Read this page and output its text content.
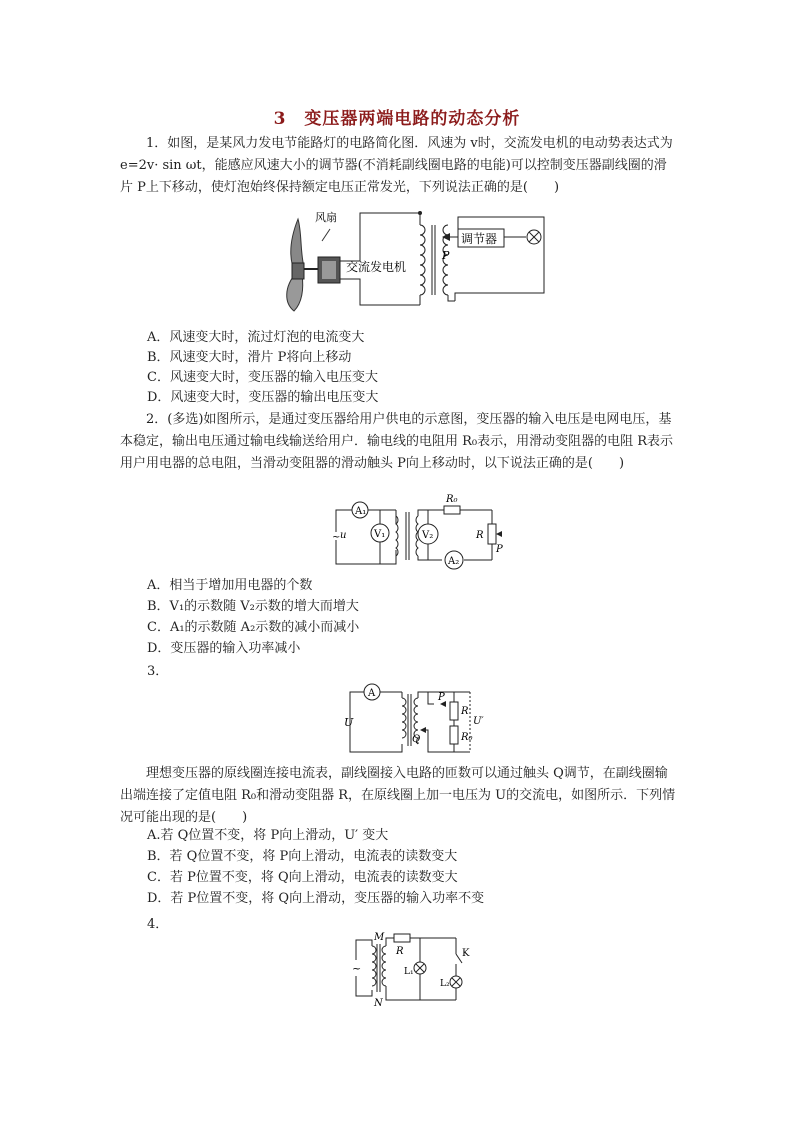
3　变压器两端电路的动态分析

1．如图，是某风力发电节能路灯的电路简化图．风速为 v时，交流发电机的电动势表达式为 e=2v· sin ωt，能感应风速大小的调节器(不消耗副线圈电路的电能)可以控制变压器副线圈的滑片 P上下移动，使灯泡始终保持额定电压正常发光，下列说法正确的是(　　)

风扇
交流发电机
P
调节器
A．风速变大时，流过灯泡的电流变大
B．风速变大时，滑片 P将向上移动
C．风速变大时，变压器的输入电压变大
D．风速变大时，变压器的输出电压变大

2．(多选)如图所示，是通过变压器给用户供电的示意图，变压器的输入电压是电网电压，基本稳定，输出电压通过输电线输送给用户．输电线的电阻用 R₀表示，用滑动变阻器的电阻 R表示用户用电器的总电阻，当滑动变阻器的滑动触头 P向上移动时，以下说法正确的是(　　)

A₁
V₁	V₂
A₂
R₀
R
P
~ u
A．相当于增加用电器的个数
B．V₁的示数随 V₂示数的增大而增大
C．A₁的示数随 A₂示数的减小而减小
D．变压器的输入功率减小
3．
A
U
Q
P
R
R₀
U′

理想变压器的原线圈连接电流表，副线圈接入电路的匝数可以通过触头 Q调节，在副线圈输出端连接了定值电阻 R₀和滑动变阻器 R，在原线圈上加一电压为 U的交流电，如图所示．下列情况可能出现的是(　　)

A.若 Q位置不变，将 P向上滑动，U′ 变大
B．若 Q位置不变，将 P向上滑动，电流表的读数变大
C．若 P位置不变，将 Q向上滑动，电流表的读数变大
D．若 P位置不变，将 Q向上滑动，变压器的输入功率不变
4．
R
M
N
~	L₁
K
L₂
